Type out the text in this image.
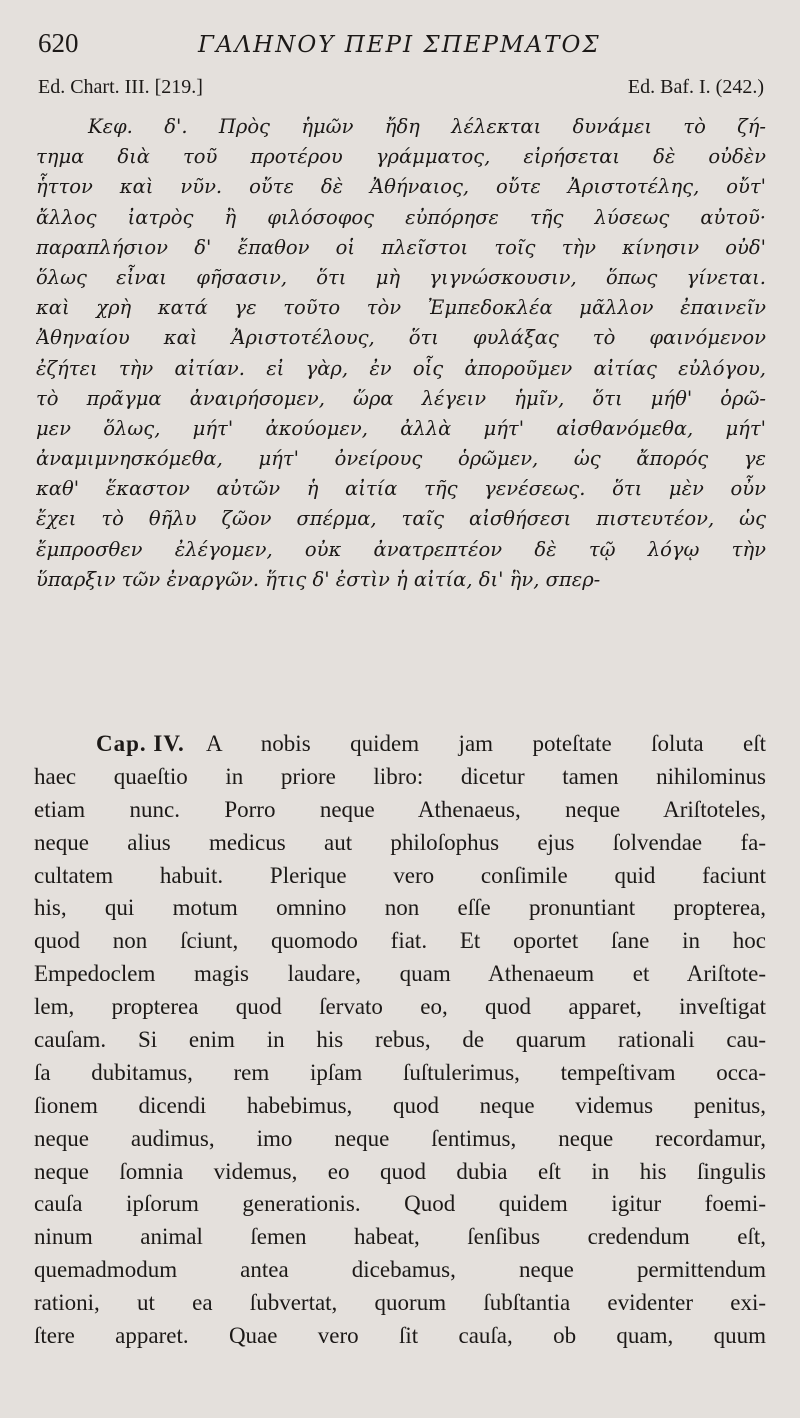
620	ΓΑΛΗΝΟΥ ΠΕΡΙ ΣΠΕΡΜΑΤΟΣ
Ed. Chart. III. [219.]	Ed. Baf. I. (242.)
Κεφ. δ'. Πρὸς ἡμῶν ἤδη λέλεκται δυνάμει τὸ ζή-
τημα διὰ τοῦ προτέρου γράμματος, εἰρήσεται δὲ οὐδὲν
ἧττον καὶ νῦν. οὔτε δὲ Ἀθήναιος, οὔτε Ἀριστοτέλης, οὔτ'
ἄλλος ἰατρὸς ἢ φιλόσοφος εὐπόρησε τῆς λύσεως αὐτοῦ·
παραπλήσιον δ' ἔπαθον οἱ πλεῖστοι τοῖς τὴν κίνησιν οὐδ'
ὅλως εἶναι φῆσασιν, ὅτι μὴ γιγνώσκουσιν, ὅπως γίνεται.
καὶ χρὴ κατά γε τοῦτο τὸν Ἐμπεδοκλέα μᾶλλον ἐπαινεῖν
Ἀθηναίου καὶ Ἀριστοτέλους, ὅτι φυλάξας τὸ φαινόμενον
ἐζήτει τὴν αἰτίαν. εἰ γὰρ, ἐν οἷς ἀποροῦμεν αἰτίας εὐλόγου,
τὸ πρᾶγμα ἀναιρήσομεν, ὥρα λέγειν ἡμῖν, ὅτι μήθ' ὁρῶ-
μεν ὅλως, μήτ' ἀκούομεν, ἀλλὰ μήτ' αἰσθανόμεθα, μήτ'
ἀναμιμνησκόμεθα, μήτ' ὀνείρους ὁρῶμεν, ὡς ἄπορός γε
καθ' ἕκαστον αὐτῶν ἡ αἰτία τῆς γενέσεως. ὅτι μὲν οὖν
ἔχει τὸ θῆλυ ζῶον σπέρμα, ταῖς αἰσθήσεσι πιστευτέον, ὡς
ἔμπροσθεν ἐλέγομεν, οὐκ ἀνατρεπτέον δὲ τῷ λόγῳ τὴν
ὕπαρξιν τῶν ἐναργῶν. ἥτις δ' ἐστὶν ἡ αἰτία, δι' ἣν, σπερ-
Cap. IV. A nobis quidem jam poteſtate ſoluta eſt
haec quaeſtio in priore libro: dicetur tamen nihilominus
etiam nunc. Porro neque Athenaeus, neque Ariſtoteles,
neque alius medicus aut philoſophus ejus ſolvendae fa-
cultatem habuit. Plerique vero conſimile quid faciunt
his, qui motum omnino non eſſe pronuntiant propterea,
quod non ſciunt, quomodo fiat. Et oportet ſane in hoc
Empedoclem magis laudare, quam Athenaeum et Ariſtote-
lem, propterea quod ſervato eo, quod apparet, inveſtigat
cauſam. Si enim in his rebus, de quarum rationali cau-
ſa dubitamus, rem ipſam ſuſtulerimus, tempeſtivam occa-
ſionem dicendi habebimus, quod neque videmus penitus,
neque audimus, imo neque ſentimus, neque recordamur,
neque ſomnia videmus, eo quod dubia eſt in his ſingulis
cauſa ipſorum generationis. Quod quidem igitur foemi-
ninum animal ſemen habeat, ſenſibus credendum eſt,
quemadmodum antea dicebamus, neque permittendum
rationi, ut ea ſubvertat, quorum ſubſtantia evidenter exi-
ſtere apparet. Quae vero ſit cauſa, ob quam, quum
